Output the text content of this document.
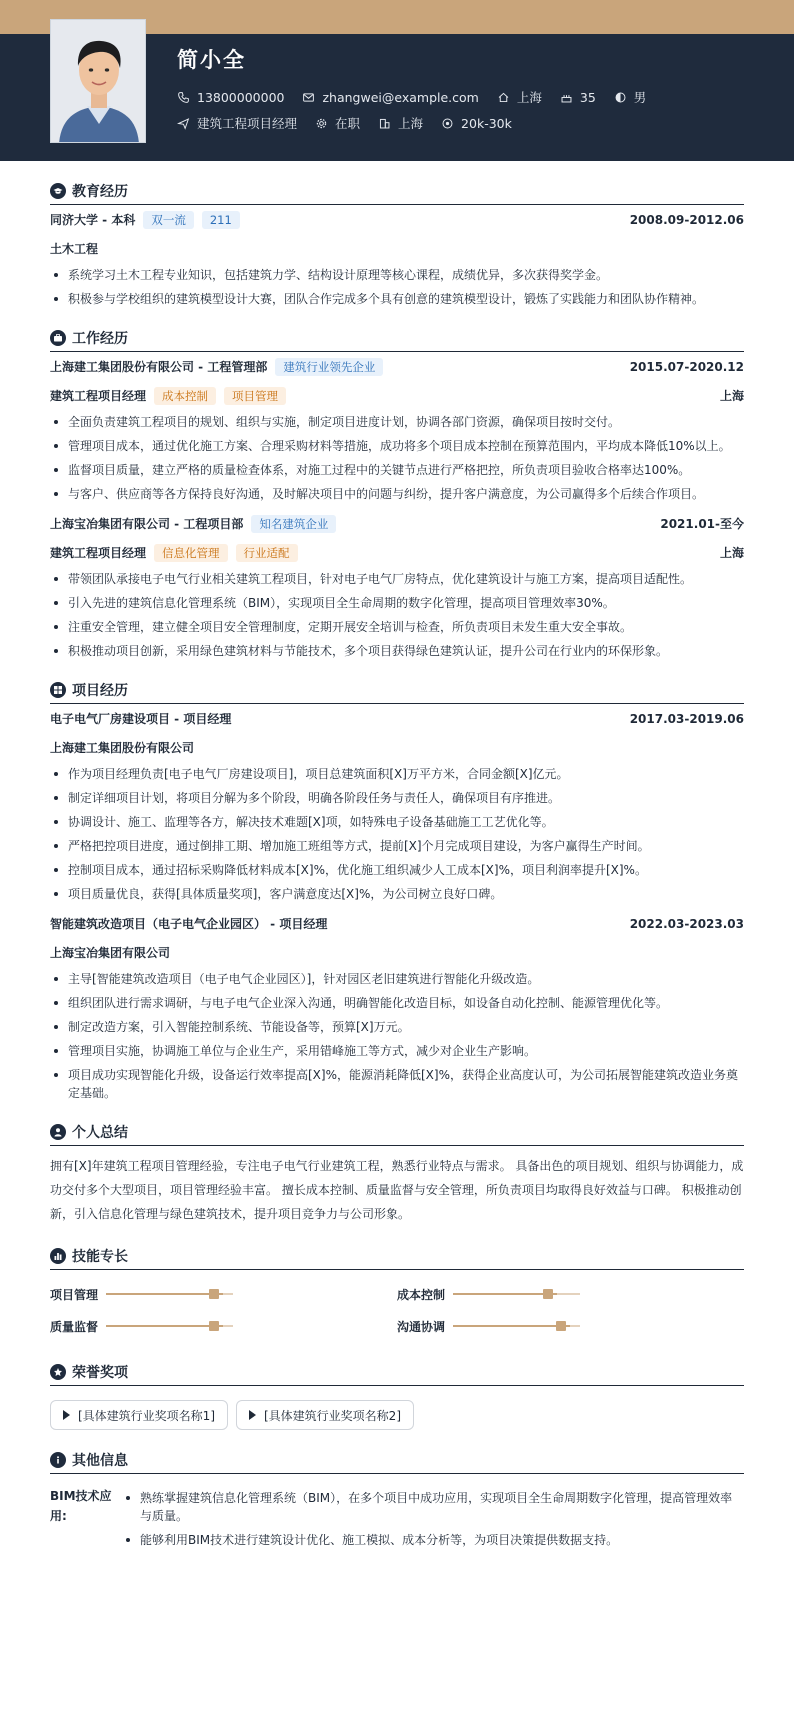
简小全
13800000000	zhangwei@example.com	上海	35	男
建筑工程项目经理	在职	上海	20k-30k
教育经历
同济大学 - 本科	双一流	211	2008.09-2012.06
土木工程
系统学习土木工程专业知识，包括建筑力学、结构设计原理等核心课程，成绩优异，多次获得奖学金。
积极参与学校组织的建筑模型设计大赛，团队合作完成多个具有创意的建筑模型设计，锻炼了实践能力和团队协作精神。
工作经历
上海建工集团股份有限公司 - 工程管理部	建筑行业领先企业	2015.07-2020.12
建筑工程项目经理	成本控制	项目管理	上海
全面负责建筑工程项目的规划、组织与实施，制定项目进度计划，协调各部门资源，确保项目按时交付。
管理项目成本，通过优化施工方案、合理采购材料等措施，成功将多个项目成本控制在预算范围内，平均成本降低10%以上。
监督项目质量，建立严格的质量检查体系，对施工过程中的关键节点进行严格把控，所负责项目验收合格率达100%。
与客户、供应商等各方保持良好沟通，及时解决项目中的问题与纠纷，提升客户满意度，为公司赢得多个后续合作项目。
上海宝冶集团有限公司 - 工程项目部	知名建筑企业	2021.01-至今
建筑工程项目经理	信息化管理	行业适配	上海
带领团队承接电子电气行业相关建筑工程项目，针对电子电气厂房特点，优化建筑设计与施工方案，提高项目适配性。
引入先进的建筑信息化管理系统（BIM），实现项目全生命周期的数字化管理，提高项目管理效率30%。
注重安全管理，建立健全项目安全管理制度，定期开展安全培训与检查，所负责项目未发生重大安全事故。
积极推动项目创新，采用绿色建筑材料与节能技术，多个项目获得绿色建筑认证，提升公司在行业内的环保形象。
项目经历
电子电气厂房建设项目 - 项目经理	2017.03-2019.06
上海建工集团股份有限公司
作为项目经理负责[电子电气厂房建设项目]，项目总建筑面积[X]万平方米，合同金额[X]亿元。
制定详细项目计划，将项目分解为多个阶段，明确各阶段任务与责任人，确保项目有序推进。
协调设计、施工、监理等各方，解决技术难题[X]项，如特殊电子设备基础施工工艺优化等。
严格把控项目进度，通过倒排工期、增加施工班组等方式，提前[X]个月完成项目建设，为客户赢得生产时间。
控制项目成本，通过招标采购降低材料成本[X]%，优化施工组织减少人工成本[X]%，项目利润率提升[X]%。
项目质量优良，获得[具体质量奖项]，客户满意度达[X]%，为公司树立良好口碑。
智能建筑改造项目（电子电气企业园区） - 项目经理	2022.03-2023.03
上海宝冶集团有限公司
主导[智能建筑改造项目（电子电气企业园区）]，针对园区老旧建筑进行智能化升级改造。
组织团队进行需求调研，与电子电气企业深入沟通，明确智能化改造目标，如设备自动化控制、能源管理优化等。
制定改造方案，引入智能控制系统、节能设备等，预算[X]万元。
管理项目实施，协调施工单位与企业生产，采用错峰施工等方式，减少对企业生产影响。
项目成功实现智能化升级，设备运行效率提高[X]%，能源消耗降低[X]%，获得企业高度认可，为公司拓展智能建筑改造业务奠定基础。
个人总结

拥有[X]年建筑工程项目管理经验，专注电子电气行业建筑工程，熟悉行业特点与需求。 具备出色的项目规划、组织与协调能力，成功交付多个大型项目，项目管理经验丰富。 擅长成本控制、质量监督与安全管理，所负责项目均取得良好效益与口碑。 积极推动创新，引入信息化管理与绿色建筑技术，提升项目竞争力与公司形象。

技能专长
项目管理	成本控制
质量监督	沟通协调
荣誉奖项
[具体建筑行业奖项名称1]	[具体建筑行业奖项名称2]
其他信息
BIM技术应用:
熟练掌握建筑信息化管理系统（BIM），在多个项目中成功应用，实现项目全生命周期数字化管理，提高管理效率与质量。
能够利用BIM技术进行建筑设计优化、施工模拟、成本分析等，为项目决策提供数据支持。
